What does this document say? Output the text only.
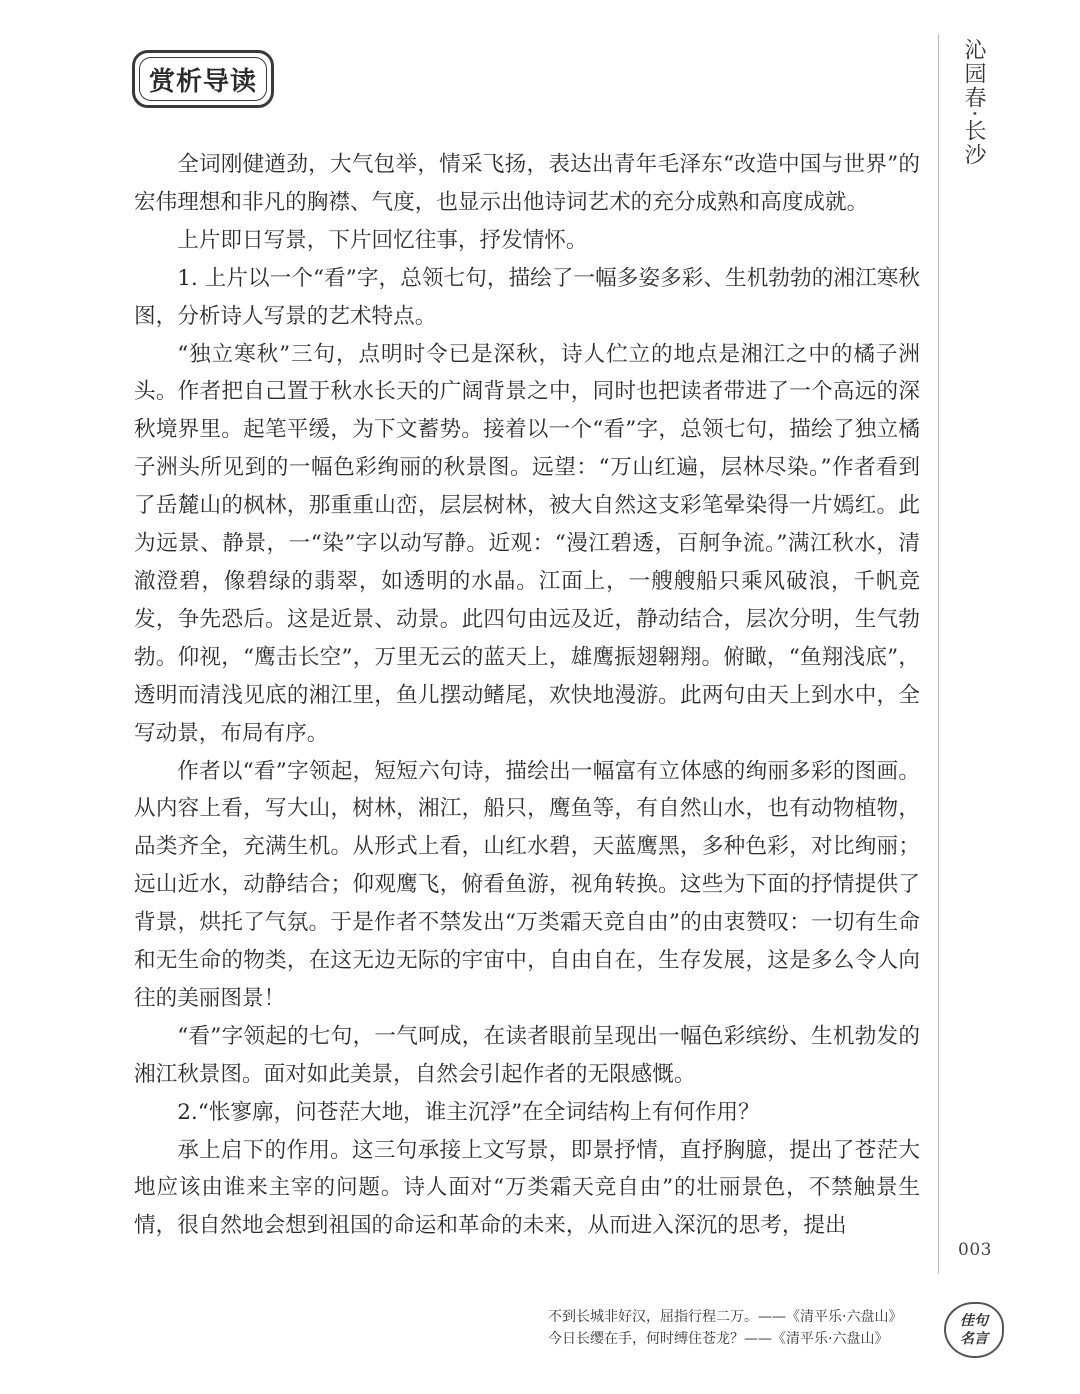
赏析导读	沁园春·长沙

全词刚健遒劲，大气包举，情采飞扬，表达出青年毛泽东“改造中国与世界”的宏伟理想和非凡的胸襟、气度，也显示出他诗词艺术的充分成熟和高度成就。

上片即日写景，下片回忆往事，抒发情怀。

1. 上片以一个“看”字，总领七句，描绘了一幅多姿多彩、生机勃勃的湘江寒秋图，分析诗人写景的艺术特点。

“独立寒秋”三句，点明时令已是深秋，诗人伫立的地点是湘江之中的橘子洲头。作者把自己置于秋水长天的广阔背景之中，同时也把读者带进了一个高远的深秋境界里。起笔平缓，为下文蓄势。接着以一个“看”字，总领七句，描绘了独立橘子洲头所见到的一幅色彩绚丽的秋景图。远望：“万山红遍，层林尽染。”作者看到了岳麓山的枫林，那重重山峦，层层树林，被大自然这支彩笔晕染得一片嫣红。此为远景、静景，一“染”字以动写静。近观：“漫江碧透，百舸争流。”满江秋水，清澈澄碧，像碧绿的翡翠，如透明的水晶。江面上，一艘艘船只乘风破浪，千帆竞发，争先恐后。这是近景、动景。此四句由远及近，静动结合，层次分明，生气勃勃。仰视，“鹰击长空”，万里无云的蓝天上，雄鹰振翅翱翔。俯瞰，“鱼翔浅底”，透明而清浅见底的湘江里，鱼儿摆动鳍尾，欢快地漫游。此两句由天上到水中，全写动景，布局有序。

作者以“看”字领起，短短六句诗，描绘出一幅富有立体感的绚丽多彩的图画。从内容上看，写大山，树林，湘江，船只，鹰鱼等，有自然山水，也有动物植物，品类齐全，充满生机。从形式上看，山红水碧，天蓝鹰黑，多种色彩，对比绚丽；远山近水，动静结合；仰观鹰飞，俯看鱼游，视角转换。这些为下面的抒情提供了背景，烘托了气氛。于是作者不禁发出“万类霜天竞自由”的由衷赞叹：一切有生命和无生命的物类，在这无边无际的宇宙中，自由自在，生存发展，这是多么令人向往的美丽图景！

“看”字领起的七句，一气呵成，在读者眼前呈现出一幅色彩缤纷、生机勃发的湘江秋景图。面对如此美景，自然会引起作者的无限感慨。

2.“怅寥廓，问苍茫大地，谁主沉浮”在全词结构上有何作用？

承上启下的作用。这三句承接上文写景，即景抒情，直抒胸臆，提出了苍茫大地应该由谁来主宰的问题。诗人面对“万类霜天竞自由”的壮丽景色，不禁触景生情，很自然地会想到祖国的命运和革命的未来，从而进入深沉的思考，提出

003
不到长城非好汉，屈指行程二万。——《清平乐·六盘山》
今日长缨在手，何时缚住苍龙？——《清平乐·六盘山》
佳句
名言
